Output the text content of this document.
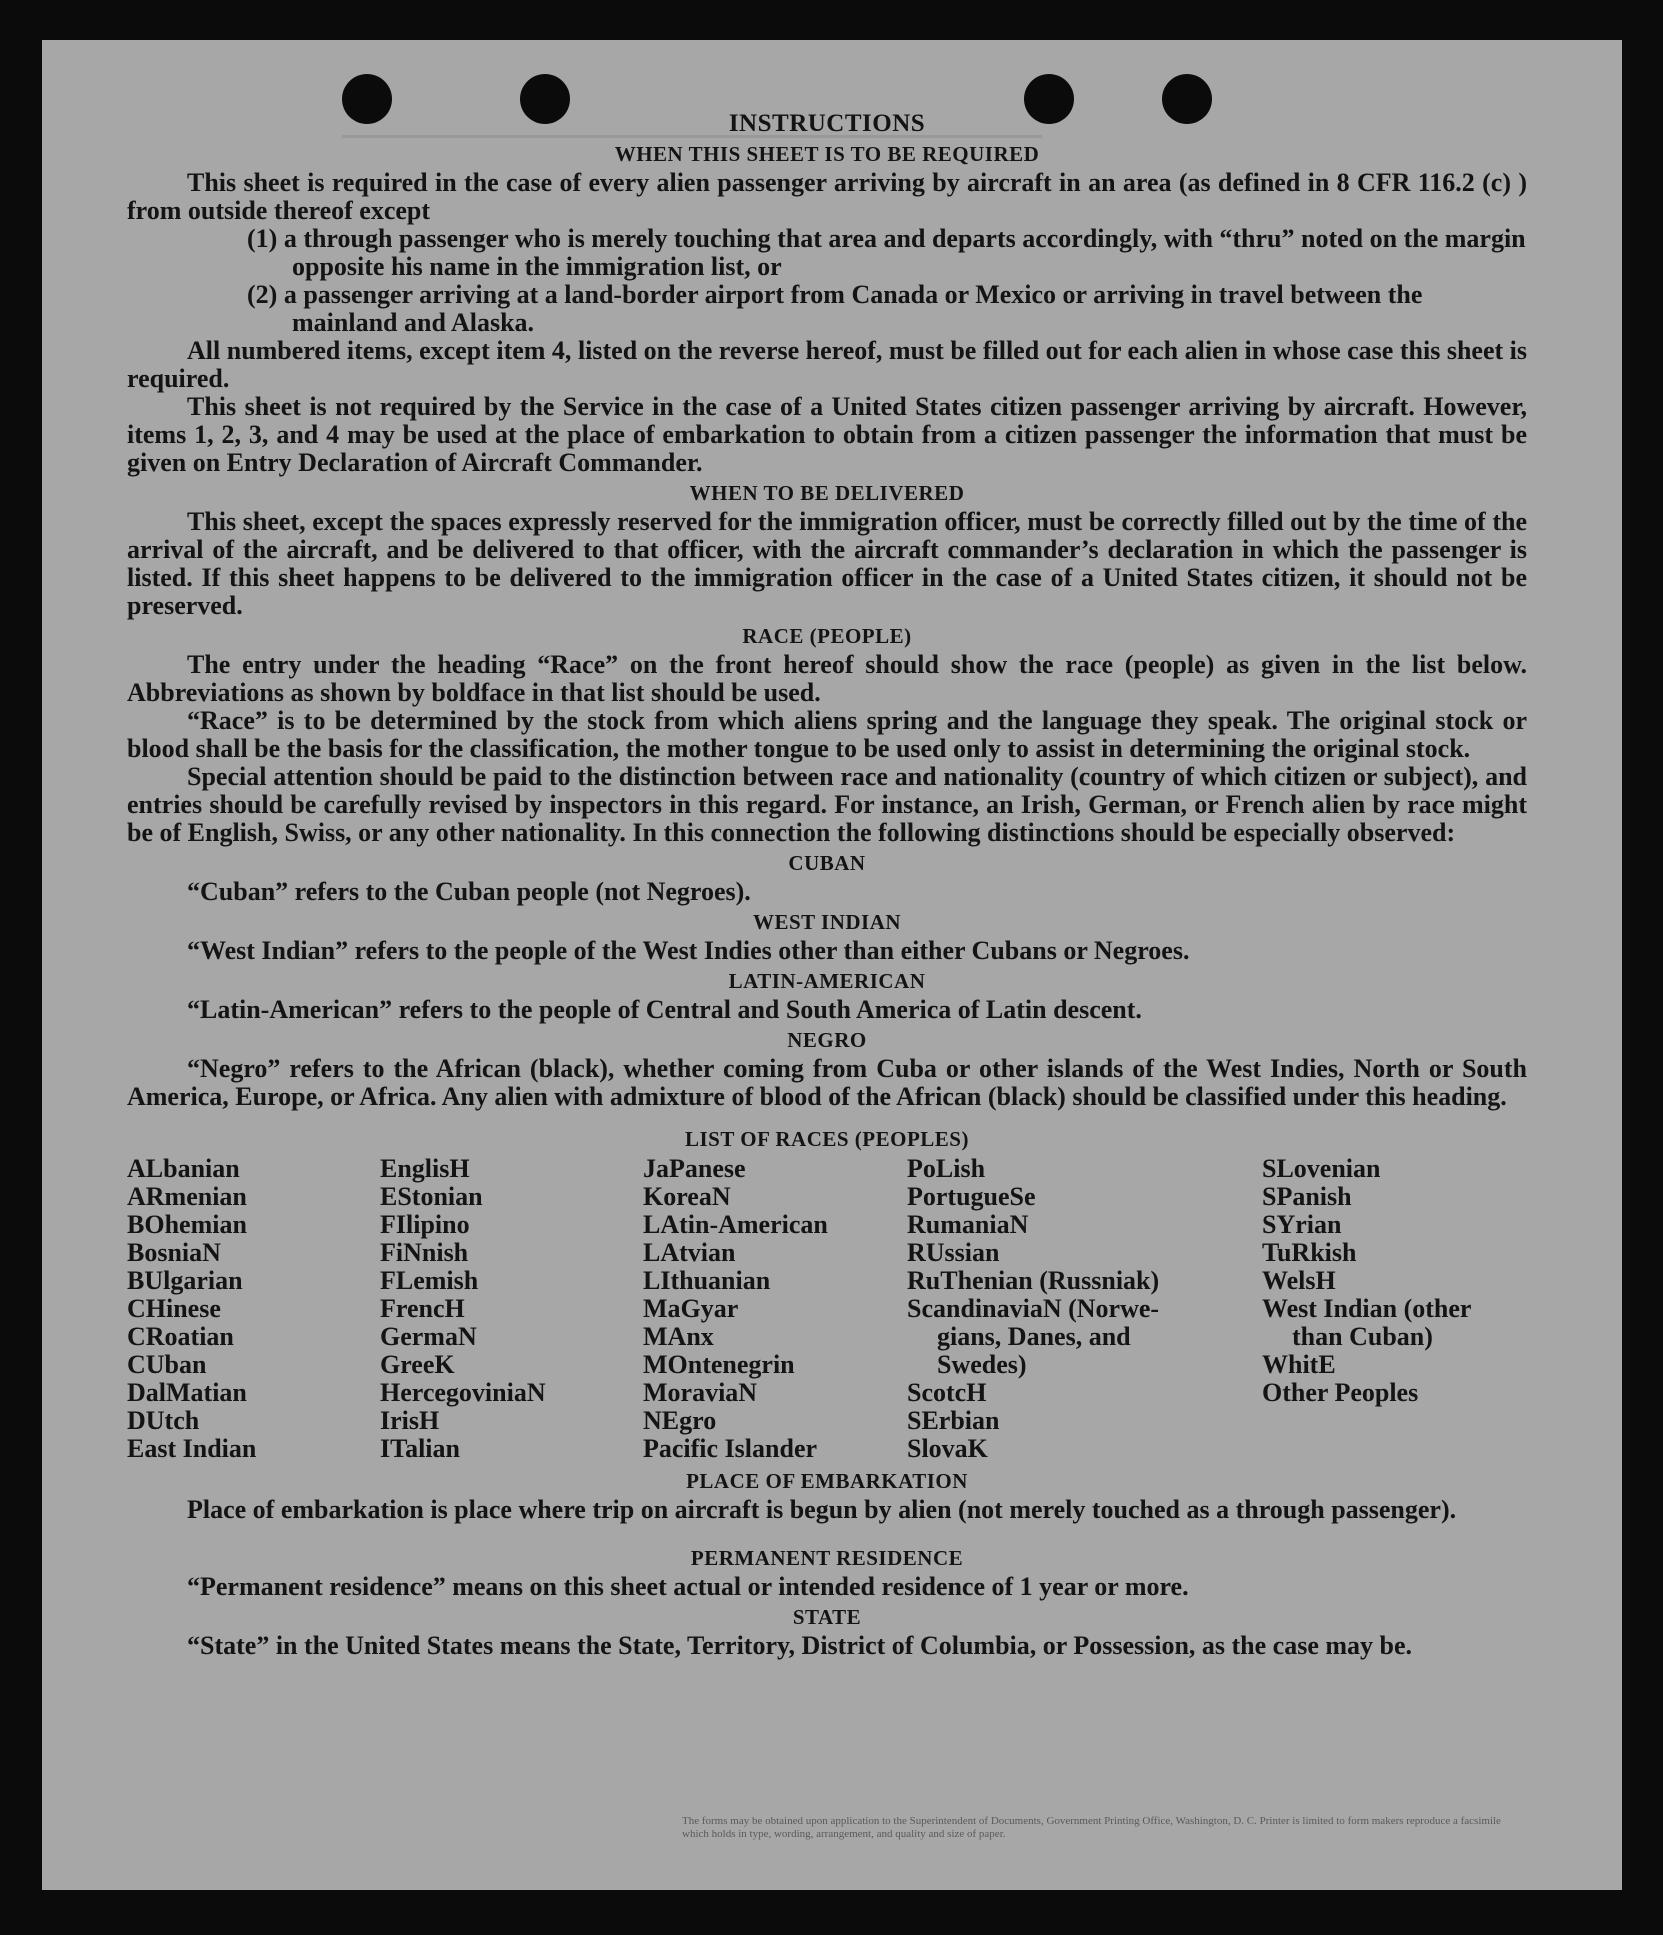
INSTRUCTIONS
WHEN THIS SHEET IS TO BE REQUIRED

This sheet is required in the case of every alien passenger arriving by aircraft in an area (as defined in 8 CFR 116.2 (c) ) from outside thereof except

(1) a through passenger who is merely touching that area and departs accordingly, with “thru” noted on the margin opposite his name in the immigration list, or

(2) a passenger arriving at a land-border airport from Canada or Mexico or arriving in travel between the mainland and Alaska.

All numbered items, except item 4, listed on the reverse hereof, must be filled out for each alien in whose case this sheet is required.

This sheet is not required by the Service in the case of a United States citizen passenger arriving by aircraft. However, items 1, 2, 3, and 4 may be used at the place of embarkation to obtain from a citizen passenger the information that must be given on Entry Declaration of Aircraft Commander.

WHEN TO BE DELIVERED

This sheet, except the spaces expressly reserved for the immigration officer, must be correctly filled out by the time of the arrival of the aircraft, and be delivered to that officer, with the aircraft commander’s declaration in which the passenger is listed. If this sheet happens to be delivered to the immigration officer in the case of a United States citizen, it should not be preserved.

RACE (PEOPLE)

The entry under the heading “Race” on the front hereof should show the race (people) as given in the list below. Abbreviations as shown by boldface in that list should be used.

“Race” is to be determined by the stock from which aliens spring and the language they speak. The original stock or blood shall be the basis for the classification, the mother tongue to be used only to assist in determining the original stock.

Special attention should be paid to the distinction between race and nationality (country of which citizen or subject), and entries should be carefully revised by inspectors in this regard. For instance, an Irish, German, or French alien by race might be of English, Swiss, or any other nationality. In this connection the following distinctions should be especially observed:

CUBAN

“Cuban” refers to the Cuban people (not Negroes).

WEST INDIAN

“West Indian” refers to the people of the West Indies other than either Cubans or Negroes.

LATIN-AMERICAN

“Latin-American” refers to the people of Central and South America of Latin descent.

NEGRO

“Negro” refers to the African (black), whether coming from Cuba or other islands of the West Indies, North or South America, Europe, or Africa. Any alien with admixture of blood of the African (black) should be classified under this heading.

LIST OF RACES (PEOPLES)
ALbanian
ARmenian
BOhemian
BosniaN
BUlgarian
CHinese
CRoatian
CUban
DalMatian
DUtch
East Indian
EnglisH
EStonian
FIlipino
FiNnish
FLemish
FrencH
GermaN
GreeK
HercegoviniaN
IrisH
ITalian
JaPanese
KoreaN
LAtin-American
LAtvian
LIthuanian
MaGyar
MAnx
MOntenegrin
MoraviaN
NEgro
Pacific Islander
PoLish
PortugueSe
RumaniaN
RUssian
RuThenian (Russniak)
ScandinaviaN (Norwe-
gians, Danes, and
Swedes)
ScotcH
SErbian
SlovaK
SLovenian
SPanish
SYrian
TuRkish
WelsH
West Indian (other
than Cuban)
WhitE
Other Peoples
PLACE OF EMBARKATION

Place of embarkation is place where trip on aircraft is begun by alien (not merely touched as a through passenger).

PERMANENT RESIDENCE

“Permanent residence” means on this sheet actual or intended residence of 1 year or more.

STATE

“State” in the United States means the State, Territory, District of Columbia, or Possession, as the case may be.

The forms may be obtained upon application to the Superintendent of Documents, Government Printing Office, Washington, D. C. Printer is limited to form makers reproduce a facsimile which holds in type, wording, arrangement, and quality and size of paper.
